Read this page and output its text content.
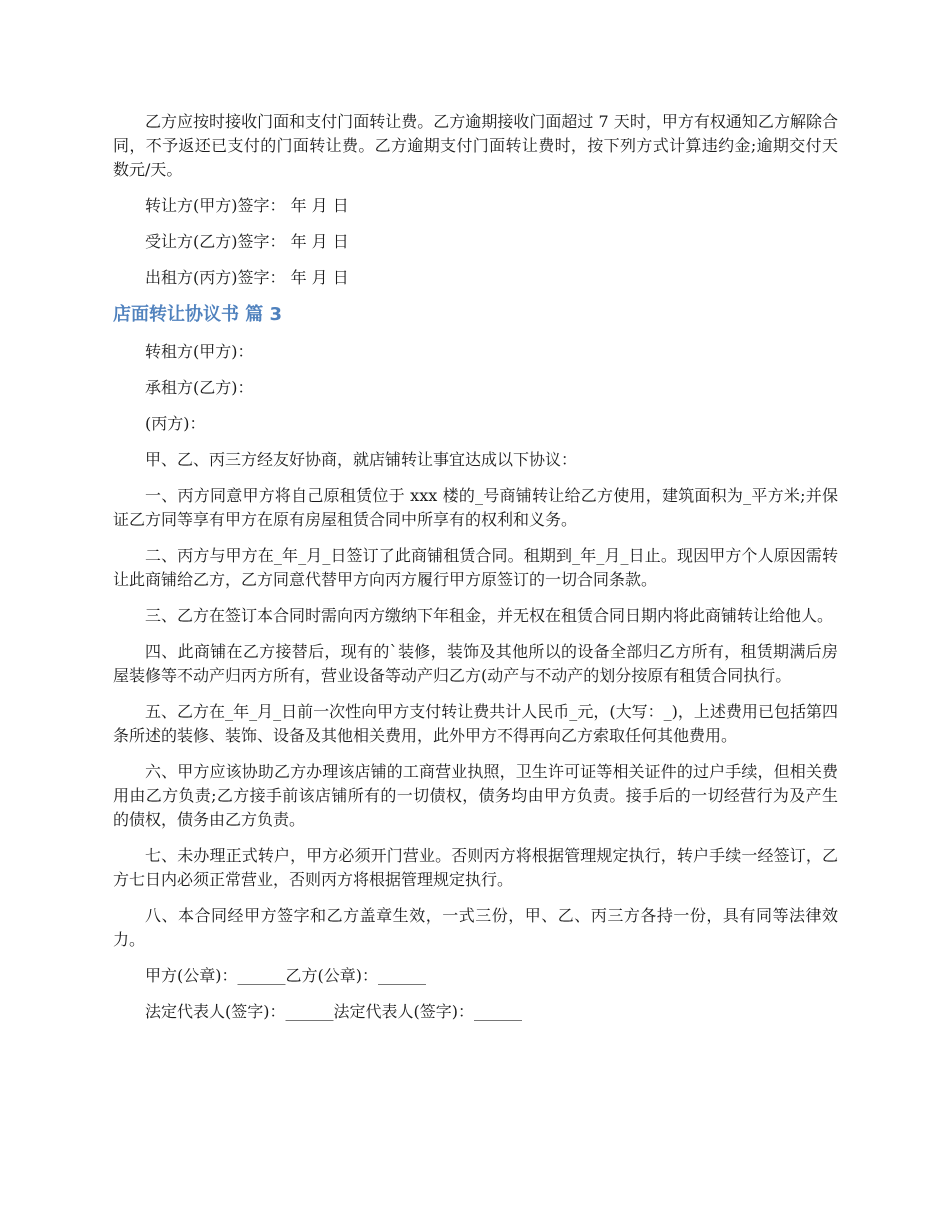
乙方应按时接收门面和支付门面转让费。乙方逾期接收门面超过 7 天时，甲方有权通知乙方解除合同，不予返还已支付的门面转让费。乙方逾期支付门面转让费时，按下列方式计算违约金;逾期交付天数元/天。

转让方(甲方)签字： 年 月 日

受让方(乙方)签字： 年 月 日

出租方(丙方)签字： 年 月 日

店面转让协议书 篇 3

转租方(甲方)：

承租方(乙方)：

(丙方)：

甲、乙、丙三方经友好协商，就店铺转让事宜达成以下协议：

一、丙方同意甲方将自己原租赁位于 xxx 楼的_号商铺转让给乙方使用，建筑面积为_平方米;并保证乙方同等享有甲方在原有房屋租赁合同中所享有的权利和义务。

二、丙方与甲方在_年_月_日签订了此商铺租赁合同。租期到_年_月_日止。现因甲方个人原因需转让此商铺给乙方，乙方同意代替甲方向丙方履行甲方原签订的一切合同条款。

三、乙方在签订本合同时需向丙方缴纳下年租金，并无权在租赁合同日期内将此商铺转让给他人。

四、此商铺在乙方接替后，现有的`装修，装饰及其他所以的设备全部归乙方所有，租赁期满后房屋装修等不动产归丙方所有，营业设备等动产归乙方(动产与不动产的划分按原有租赁合同执行。

五、乙方在_年_月_日前一次性向甲方支付转让费共计人民币_元，(大写：_)，上述费用已包括第四条所述的装修、装饰、设备及其他相关费用，此外甲方不得再向乙方索取任何其他费用。

六、甲方应该协助乙方办理该店铺的工商营业执照，卫生许可证等相关证件的过户手续，但相关费用由乙方负责;乙方接手前该店铺所有的一切债权，债务均由甲方负责。接手后的一切经营行为及产生的债权，债务由乙方负责。

七、未办理正式转户，甲方必须开门营业。否则丙方将根据管理规定执行，转户手续一经签订，乙方七日内必须正常营业，否则丙方将根据管理规定执行。

八、本合同经甲方签字和乙方盖章生效，一式三份，甲、乙、丙三方各持一份，具有同等法律效力。

甲方(公章)：______乙方(公章)：______

法定代表人(签字)：______法定代表人(签字)：______
